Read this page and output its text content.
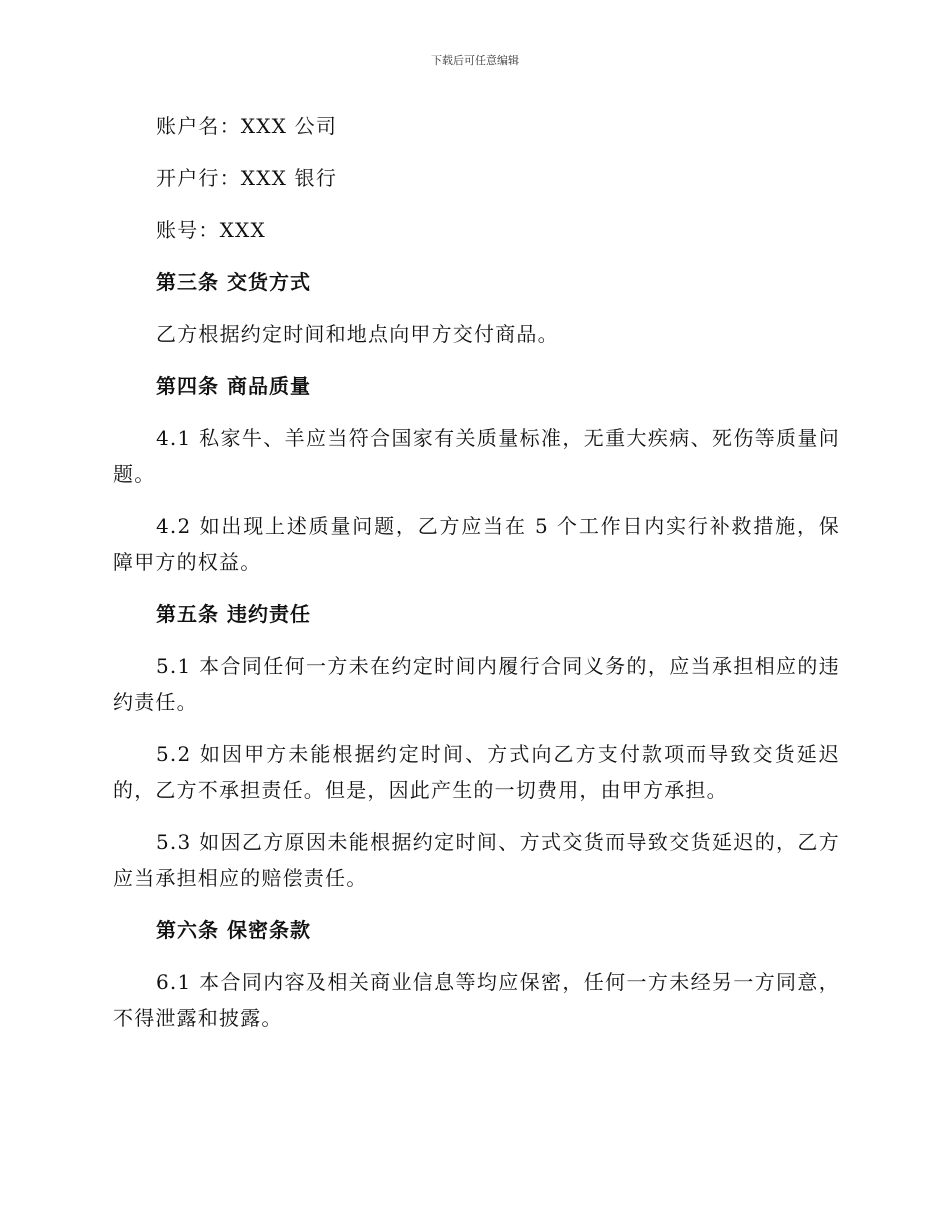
下载后可任意编辑

账户名：XXX 公司

开户行：XXX 银行

账号：XXX

第三条 交货方式

乙方根据约定时间和地点向甲方交付商品。

第四条 商品质量

4.1 私家牛、羊应当符合国家有关质量标准，无重大疾病、死伤等质量问题。

4.2 如出现上述质量问题，乙方应当在 5 个工作日内实行补救措施，保障甲方的权益。

第五条 违约责任

5.1 本合同任何一方未在约定时间内履行合同义务的，应当承担相应的违约责任。

5.2 如因甲方未能根据约定时间、方式向乙方支付款项而导致交货延迟的，乙方不承担责任。但是，因此产生的一切费用，由甲方承担。

5.3 如因乙方原因未能根据约定时间、方式交货而导致交货延迟的，乙方应当承担相应的赔偿责任。

第六条 保密条款

6.1 本合同内容及相关商业信息等均应保密，任何一方未经另一方同意，不得泄露和披露。
